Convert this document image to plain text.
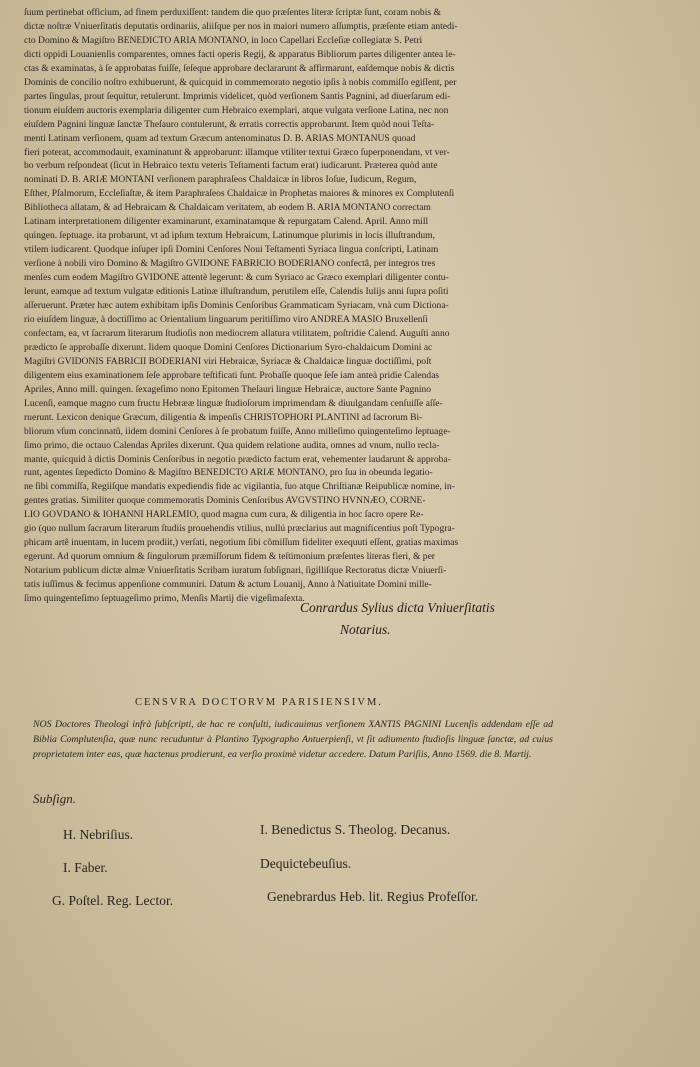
ſuum pertinebat officium, ad finem perduxiſſent: tandem die quo præſentes literæ ſcriptæ ſunt, coram nobis &

dictæ noſtræ Vniuerſitatis deputatis ordinariis, aliiſque per nos in maiori numero aſſumptis, præſente etiam antedi-

cto Domino & Magiſtro BENEDICTO ARIA MONTANO, in loco Capellari Eccleſiæ collegiatæ S. Petri

dicti oppidi Louanienſis comparentes, omnes facti operis Regij, & apparatus Bibliorum partes diligenter antea le-

ctas & examinatas, à ſe approbatas fuiſſe, ſeſeque approbare declararunt & affirmarunt, eaſdemque nobis & dictis

Dominis de concilio noſtro exhibuerunt, & quicquid in commemorato negotio ipſis à nobis commiſſo egiſſent, per

partes ſingulas, prout ſequitur, retulerunt. Imprimis videlicet, quòd verſionem Santis Pagnini, ad diuerſarum edi-

tionum eiuſdem auctoris exemplaria diligenter cum Hebraico exemplari, atque vulgata verſione Latina, nec non

eiuſdem Pagnini linguæ ſanctæ Theſauro contulerunt, & erratis correctis approbarunt. Item quòd noui Teſta-

menti Latinam verſionem, quam ad textum Græcum antenominatus D. B. ARIAS MONTANUS quoad

fieri poterat, accommodauit, examinatunt & approbarunt: illamque vtiliter textui Græco ſuperponendam, vt ver-

bo verbum reſpondeat (ſicut in Hebraico textu veteris Teſtamenti factum erat) iudicarunt. Præterea quòd ante

nominati D. B. ARIÆ MONTANI verſionem paraphraſeos Chaldaicæ in libros Ioſue, Iudicum, Regum,

Eſther, Pſalmorum, Eccleſiaſtæ, & item Paraphraſeos Chaldaicæ in Prophetas maiores & minores ex Complutenſi

Bibliotheca allatam, & ad Hebraicam & Chaldaicam veritatem, ab eodem B. ARIA MONTANO correctam

Latinam interpretationem diligenter examinarunt, examinatamque & repurgatam Calend. April. Anno mill

quingen. ſeptuage. ita probarunt, vt ad ipſum textum Hebraicum, Latinumque plurimis in locis illuſtrandum,

vtilem iudicarent. Quodque inſuper ipſi Domini Cenſores Noui Teſtamenti Syriaca lingua conſcripti, Latinam

verſione à nobili viro Domino & Magiſtro GVIDONE FABRICIO BODERIANO confectâ, per integros tres

menſes cum eodem Magiſtro GVIDONE attentè legerunt: & cum Syriaco ac Græco exemplari diligenter contu-

lerunt, eamque ad textum vulgatæ editionis Latinæ illuſtrandum, perutilem eſſe, Calendis Iulijs anni ſupra poſiti

aſſeruerunt. Præter hæc autem exhibitam ipſis Dominis Cenſoribus Grammaticam Syriacam, vnà cum Dictiona-

rio eiuſdem linguæ, à doctiſſimo ac Orientalium linguarum peritiſſimo viro ANDREA MASIO Bruxellenſi

confectam, ea, vt ſacrarum literarum ſtudioſis non mediocrem allatura vtilitatem, poſtridie Calend. Auguſti anno

prædicto ſe approbaſſe dixerunt. Iidem quoque Domini Cenſores Dictionarium Syro-chaldaicum Domini ac

Magiſtri GVIDONIS FABRICII BODERIANI viri Hebraicæ, Syriacæ & Chaldaicæ linguæ doctiſſimi, poſt

diligentem eius examinationem ſeſe approbare teſtificati ſunt. Probaſſe quoque ſeſe iam anteà pridie Calendas

Apriles, Anno mill. quingen. ſexageſimo nono Epitomen Theſauri linguæ Hebraicæ, auctore Sante Pagnino

Lucenſi, eamque magno cum fructu Hebrææ linguæ ſtudioſorum imprimendam & diuulgandam cenſuiſſe aſſe-

ruerunt. Lexicon denique Græcum, diligentia & impenſis CHRISTOPHORI PLANTINI ad ſacrorum Bi-

bliorum vſum concinnatû, iidem domini Cenſores à ſe probatum fuiſſe, Anno milleſimo quingenteſimo ſeptuage-

ſimo primo, die octauo Calendas Apriles dixerunt. Qua quidem relatione audita, omnes ad vnum, nullo recla-

mante, quicquid à dictis Dominis Cenſoribus in negotio prædicto factum erat, vehementer laudarunt & approba-

runt, agentes ſæpedicto Domino & Magiſtro BENEDICTO ARIÆ MONTANO, pro ſua in obeunda legatio-

ne ſibi commiſſa, Regiiſque mandatis expediendis fide ac vigilantia, ſuo atque Chriſtianæ Reipublicæ nomine, in-

gentes gratias. Similiter quoque commemoratis Dominis Cenſoribus AVGVSTINO HVNNÆO, CORNE-

LIO GOVDANO & IOHANNI HARLEMIO, quod magna cum cura, & diligentia in hoc ſacro opere Re-

gio (quo nullum ſacrarum literarum ſtudiis prouehendis vtilius, nullú præclarius aut magnificentius poſt Typogra-

phicam artê inuentam, in lucem prodiit,) verſati, negotium ſibi cõmiſſum fideliter exequuti eſſent, gratias maximas

egerunt. Ad quorum omnium & ſingulorum præmiſſorum fidem & teſtimonium præſentes literas fieri, & per

Notarium publicum dictæ almæ Vniuerſitatis Scribam iuratum ſubſignari, ſigilliſque Rectoratus dictæ Vniuerſi-

tatis iuſſimus & fecimus appenſione communiri. Datum & actum Louanij, Anno à Natiuitate Domini mille-

ſimo quingenteſimo ſeptuageſimo primo, Menſis Martij die vigeſimaſexta.

Conrardus Sylius dicta Vniuerſitatis
Notarius.
CENSVRA DOCTORVM PARISIENSIVM.
NOS Doctores Theologi infrà ſubſcripti, de hac re conſulti, iudicauimus verſionem XANTIS PAGNINI Lucenſis addendam eſſe ad Biblia Complutenſia, quæ nunc recuduntur à Plantino Typographo Antuerpienſi, vt ſit adiumento ſtudioſis linguæ ſanctæ, ad cuius proprietatem inter eas, quæ hactenus prodierunt, ea verſio proximè videtur accedere. Datum Pariſiis, Anno 1569. die 8. Martij.
Subſign.
H. Nebriſius.	I. Benedictus S. Theolog. Decanus.
I. Faber.	Dequictebeuſius.
G. Poſtel. Reg. Lector.	Genebrardus Heb. lit. Regius Profeſſor.
